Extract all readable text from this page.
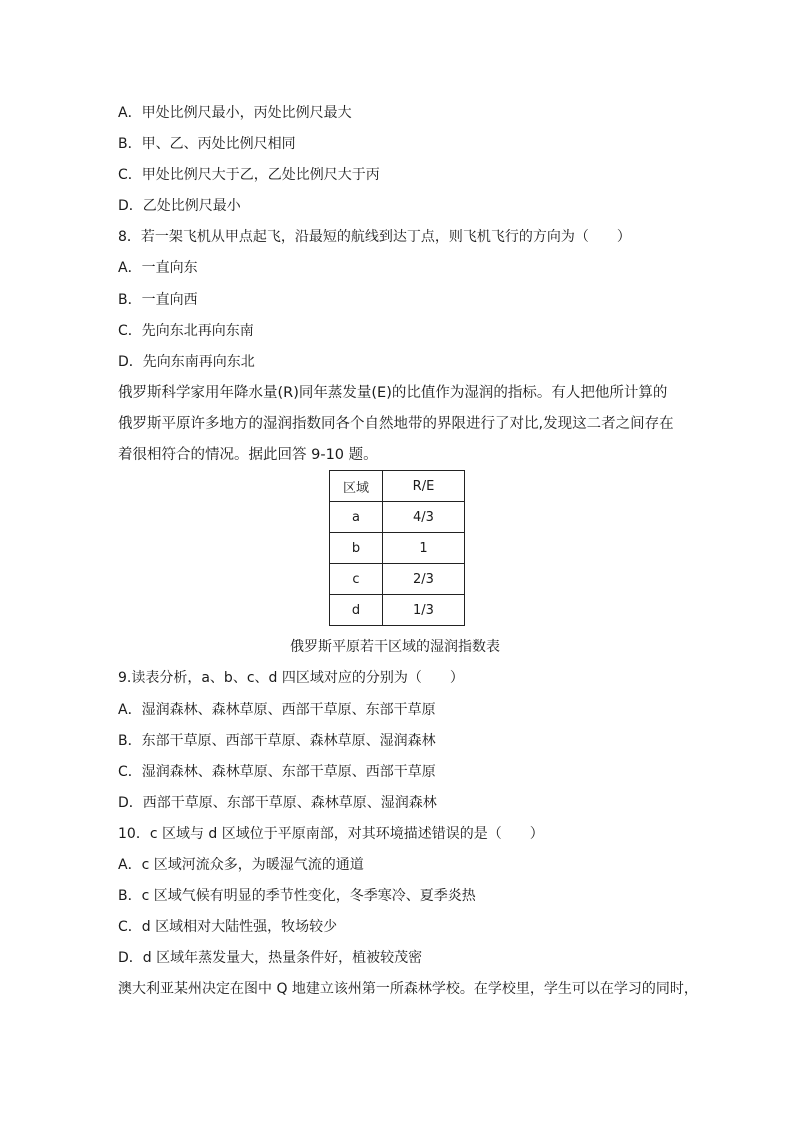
A．甲处比例尺最小，丙处比例尺最大
B．甲、乙、丙处比例尺相同
C．甲处比例尺大于乙，乙处比例尺大于丙
D．乙处比例尺最小
8．若一架飞机从甲点起飞，沿最短的航线到达丁点，则飞机飞行的方向为（　　）
A．一直向东
B．一直向西
C．先向东北再向东南
D．先向东南再向东北
俄罗斯科学家用年降水量(R)同年蒸发量(E)的比值作为湿润的指标。有人把他所计算的俄罗斯平原许多地方的湿润指数同各个自然地带的界限进行了对比,发现这二者之间存在着很相符合的情况。据此回答 9-10 题。
区域	R/E
a	4/3
b	1
c	2/3
d	1/3
俄罗斯平原若干区域的湿润指数表
9.读表分析，a、b、c、d 四区域对应的分别为（　　）
A．湿润森林、森林草原、西部干草原、东部干草原
B．东部干草原、西部干草原、森林草原、湿润森林
C．湿润森林、森林草原、东部干草原、西部干草原
D．西部干草原、东部干草原、森林草原、湿润森林
10．c 区域与 d 区域位于平原南部，对其环境描述错误的是（　　）
A．c 区域河流众多，为暖湿气流的通道
B．c 区域气候有明显的季节性变化，冬季寒冷、夏季炎热
C．d 区域相对大陆性强，牧场较少
D．d 区域年蒸发量大，热量条件好，植被较茂密
澳大利亚某州决定在图中 Q 地建立该州第一所森林学校。在学校里，学生可以在学习的同时，
